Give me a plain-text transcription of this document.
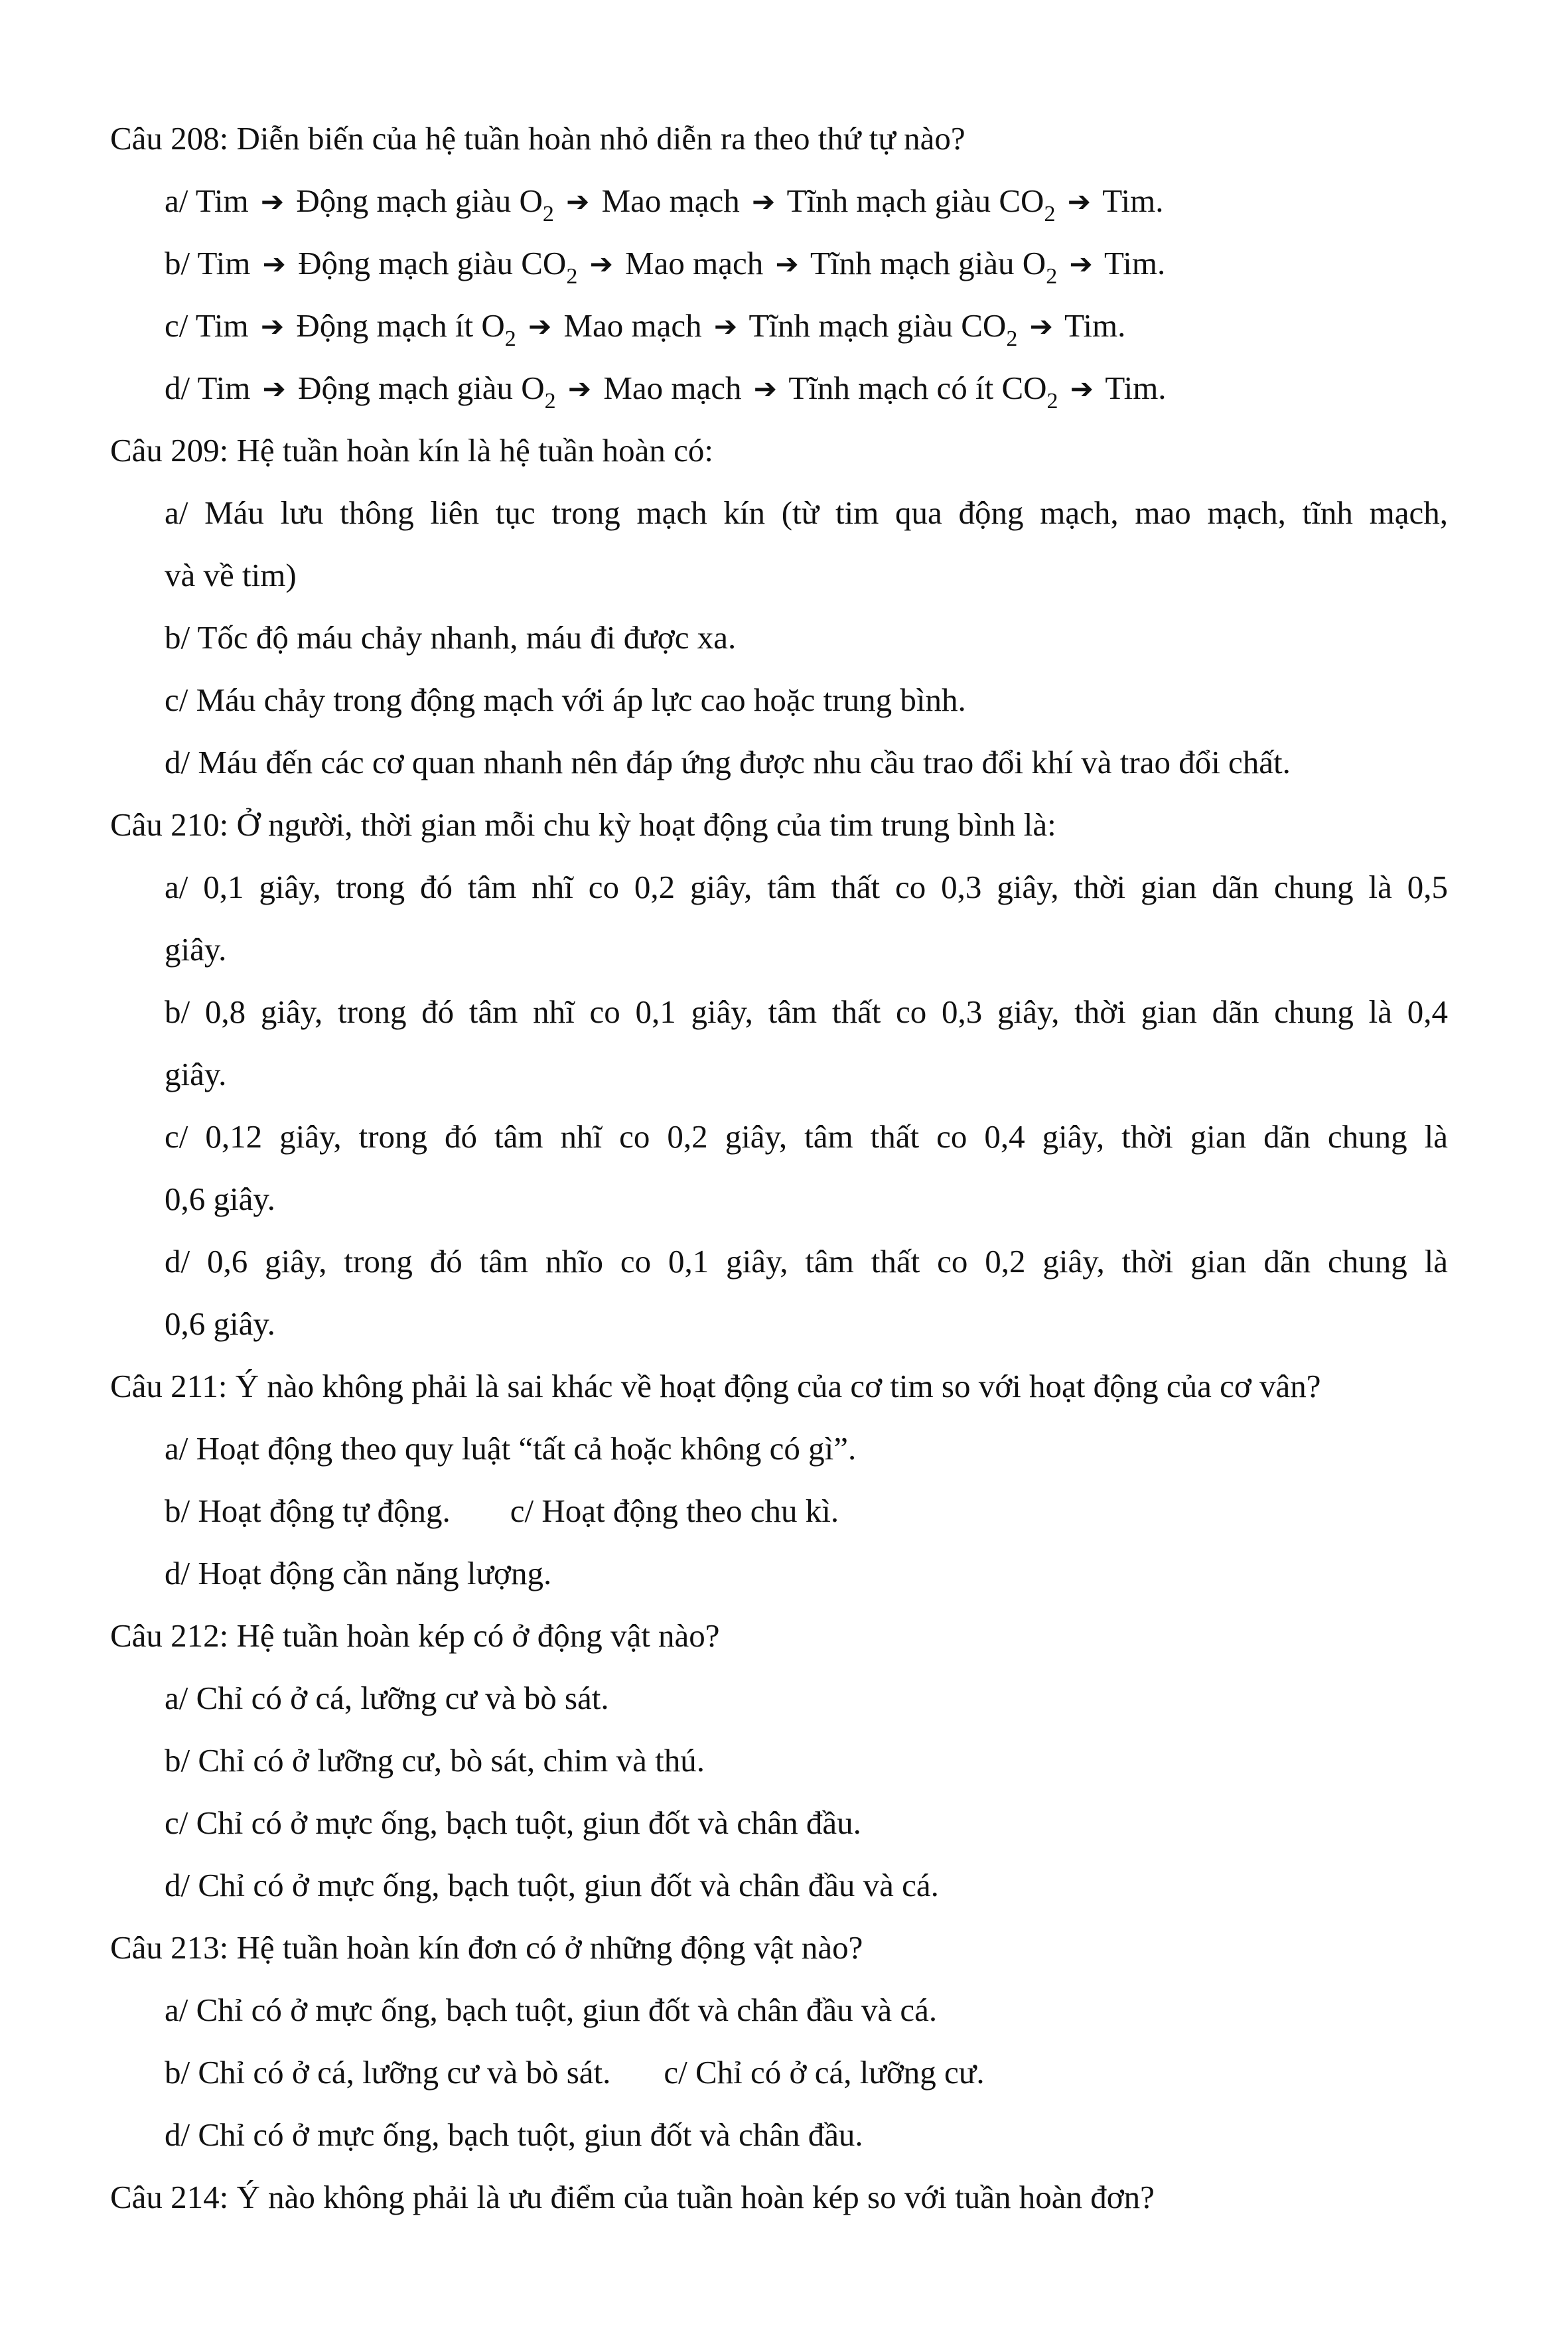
Câu 208: Diễn biến của hệ tuần hoàn nhỏ diễn ra theo thứ tự nào?
a/ Tim ➔ Động mạch giàu $O_2$ ➔ Mao mạch ➔ Tĩnh mạch giàu $CO_2$ ➔ Tim.
b/ Tim ➔ Động mạch giàu $CO_2$ ➔ Mao mạch ➔ Tĩnh mạch giàu $O_2$ ➔ Tim.
c/ Tim ➔ Động mạch ít $O_2$ ➔ Mao mạch ➔ Tĩnh mạch giàu $CO_2$ ➔ Tim.
d/ Tim ➔ Động mạch giàu $O_2$ ➔ Mao mạch ➔ Tĩnh mạch có ít $CO_2$ ➔ Tim.
Câu 209: Hệ tuần hoàn kín là hệ tuần hoàn có:
a/ Máu lưu thông liên tục trong mạch kín (từ tim qua động mạch, mao mạch, tĩnh mạch,
và về tim)
b/ Tốc độ máu chảy nhanh, máu đi được xa.
c/ Máu chảy trong động mạch với áp lực cao hoặc trung bình.
d/ Máu đến các cơ quan nhanh nên đáp ứng được nhu cầu trao đổi khí và trao đổi chất.
Câu 210: Ở người, thời gian mỗi chu kỳ hoạt động của tim trung bình là:
a/ 0,1 giây, trong đó tâm nhĩ co 0,2 giây, tâm thất co 0,3 giây, thời gian dãn chung là 0,5
giây.
b/ 0,8 giây, trong đó tâm nhĩ co 0,1 giây, tâm thất co 0,3 giây, thời gian dãn chung là 0,4
giây.
c/ 0,12 giây, trong đó tâm nhĩ co 0,2 giây, tâm thất co 0,4 giây, thời gian dãn chung là
0,6 giây.
d/ 0,6 giây, trong đó tâm nhĩo co 0,1 giây, tâm thất co 0,2 giây, thời gian dãn chung là
0,6 giây.
Câu 211: Ý nào không phải là sai khác về hoạt động của cơ tim so với hoạt động của cơ vân?
a/ Hoạt động theo quy luật “tất cả hoặc không có gì”.
b/ Hoạt động tự động. c/ Hoạt động theo chu kì.
d/ Hoạt động cần năng lượng.
Câu 212: Hệ tuần hoàn kép có ở động vật nào?
a/ Chỉ có ở cá, lưỡng cư và bò sát.
b/ Chỉ có ở lưỡng cư, bò sát, chim và thú.
c/ Chỉ có ở mực ống, bạch tuột, giun đốt và chân đầu.
d/ Chỉ có ở mực ống, bạch tuột, giun đốt và chân đầu và cá.
Câu 213: Hệ tuần hoàn kín đơn có ở những động vật nào?
a/ Chỉ có ở mực ống, bạch tuột, giun đốt và chân đầu và cá.
b/ Chỉ có ở cá, lưỡng cư và bò sát. c/ Chỉ có ở cá, lưỡng cư.
d/ Chỉ có ở mực ống, bạch tuột, giun đốt và chân đầu.
Câu 214: Ý nào không phải là ưu điểm của tuần hoàn kép so với tuần hoàn đơn?
